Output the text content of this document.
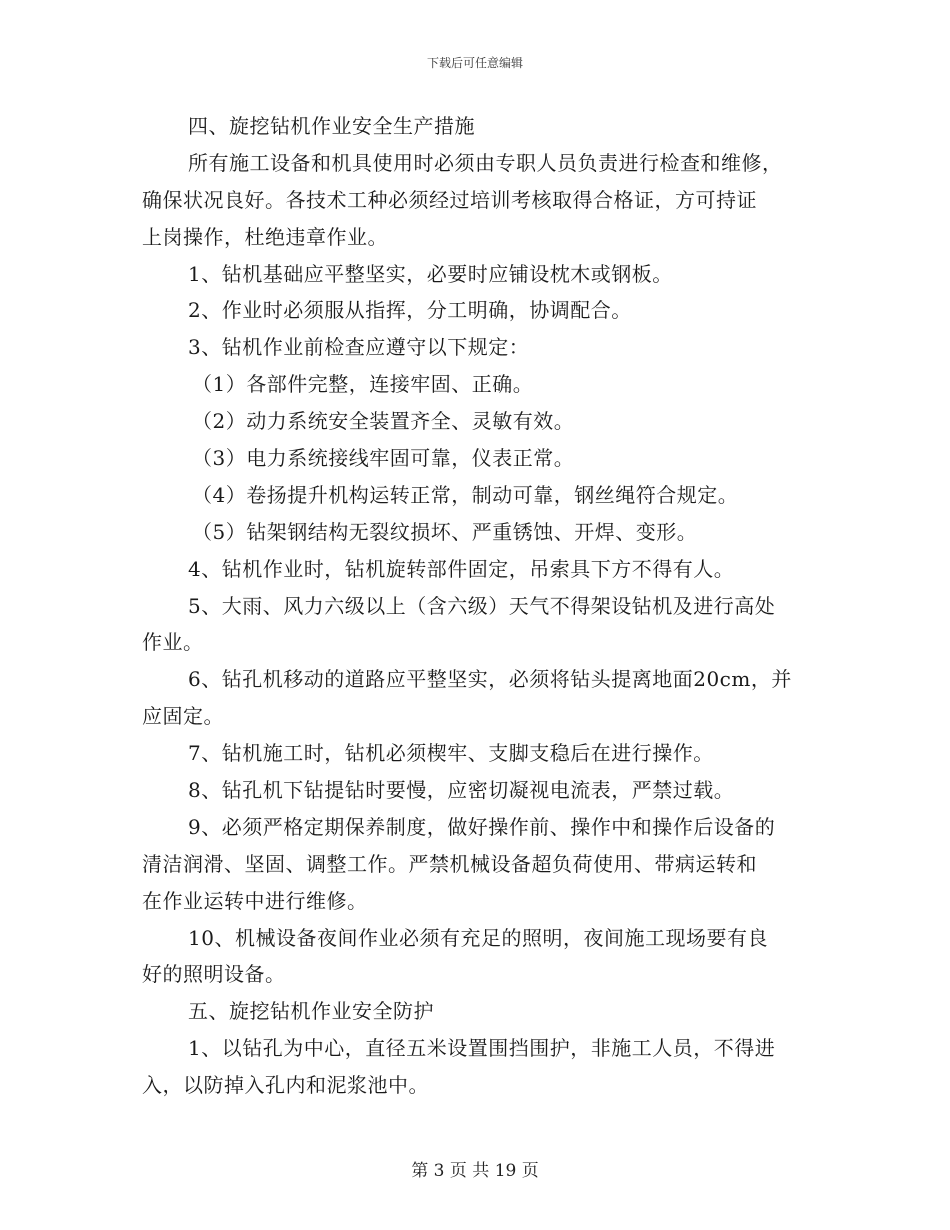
下载后可任意编辑
四、旋挖钻机作业安全生产措施
所有施工设备和机具使用时必须由专职人员负责进行检查和维修，
确保状况良好。各技术工种必须经过培训考核取得合格证，方可持证
上岗操作，杜绝违章作业。
1、钻机基础应平整坚实，必要时应铺设枕木或钢板。
2、作业时必须服从指挥，分工明确，协调配合。
3、钻机作业前检查应遵守以下规定：
（1）各部件完整，连接牢固、正确。
（2）动力系统安全装置齐全、灵敏有效。
（3）电力系统接线牢固可靠，仪表正常。
（4）卷扬提升机构运转正常，制动可靠，钢丝绳符合规定。
（5）钻架钢结构无裂纹损坏、严重锈蚀、开焊、变形。
4、钻机作业时，钻机旋转部件固定，吊索具下方不得有人。
5、大雨、风力六级以上（含六级）天气不得架设钻机及进行高处
作业。
6、钻孔机移动的道路应平整坚实，必须将钻头提离地面20cm，并
应固定。
7、钻机施工时，钻机必须楔牢、支脚支稳后在进行操作。
8、钻孔机下钻提钻时要慢，应密切凝视电流表，严禁过载。
9、必须严格定期保养制度，做好操作前、操作中和操作后设备的
清洁润滑、坚固、调整工作。严禁机械设备超负荷使用、带病运转和
在作业运转中进行维修。
10、机械设备夜间作业必须有充足的照明，夜间施工现场要有良
好的照明设备。
五、旋挖钻机作业安全防护
1、以钻孔为中心，直径五米设置围挡围护，非施工人员，不得进
入，以防掉入孔内和泥浆池中。
第 3 页 共 19 页
